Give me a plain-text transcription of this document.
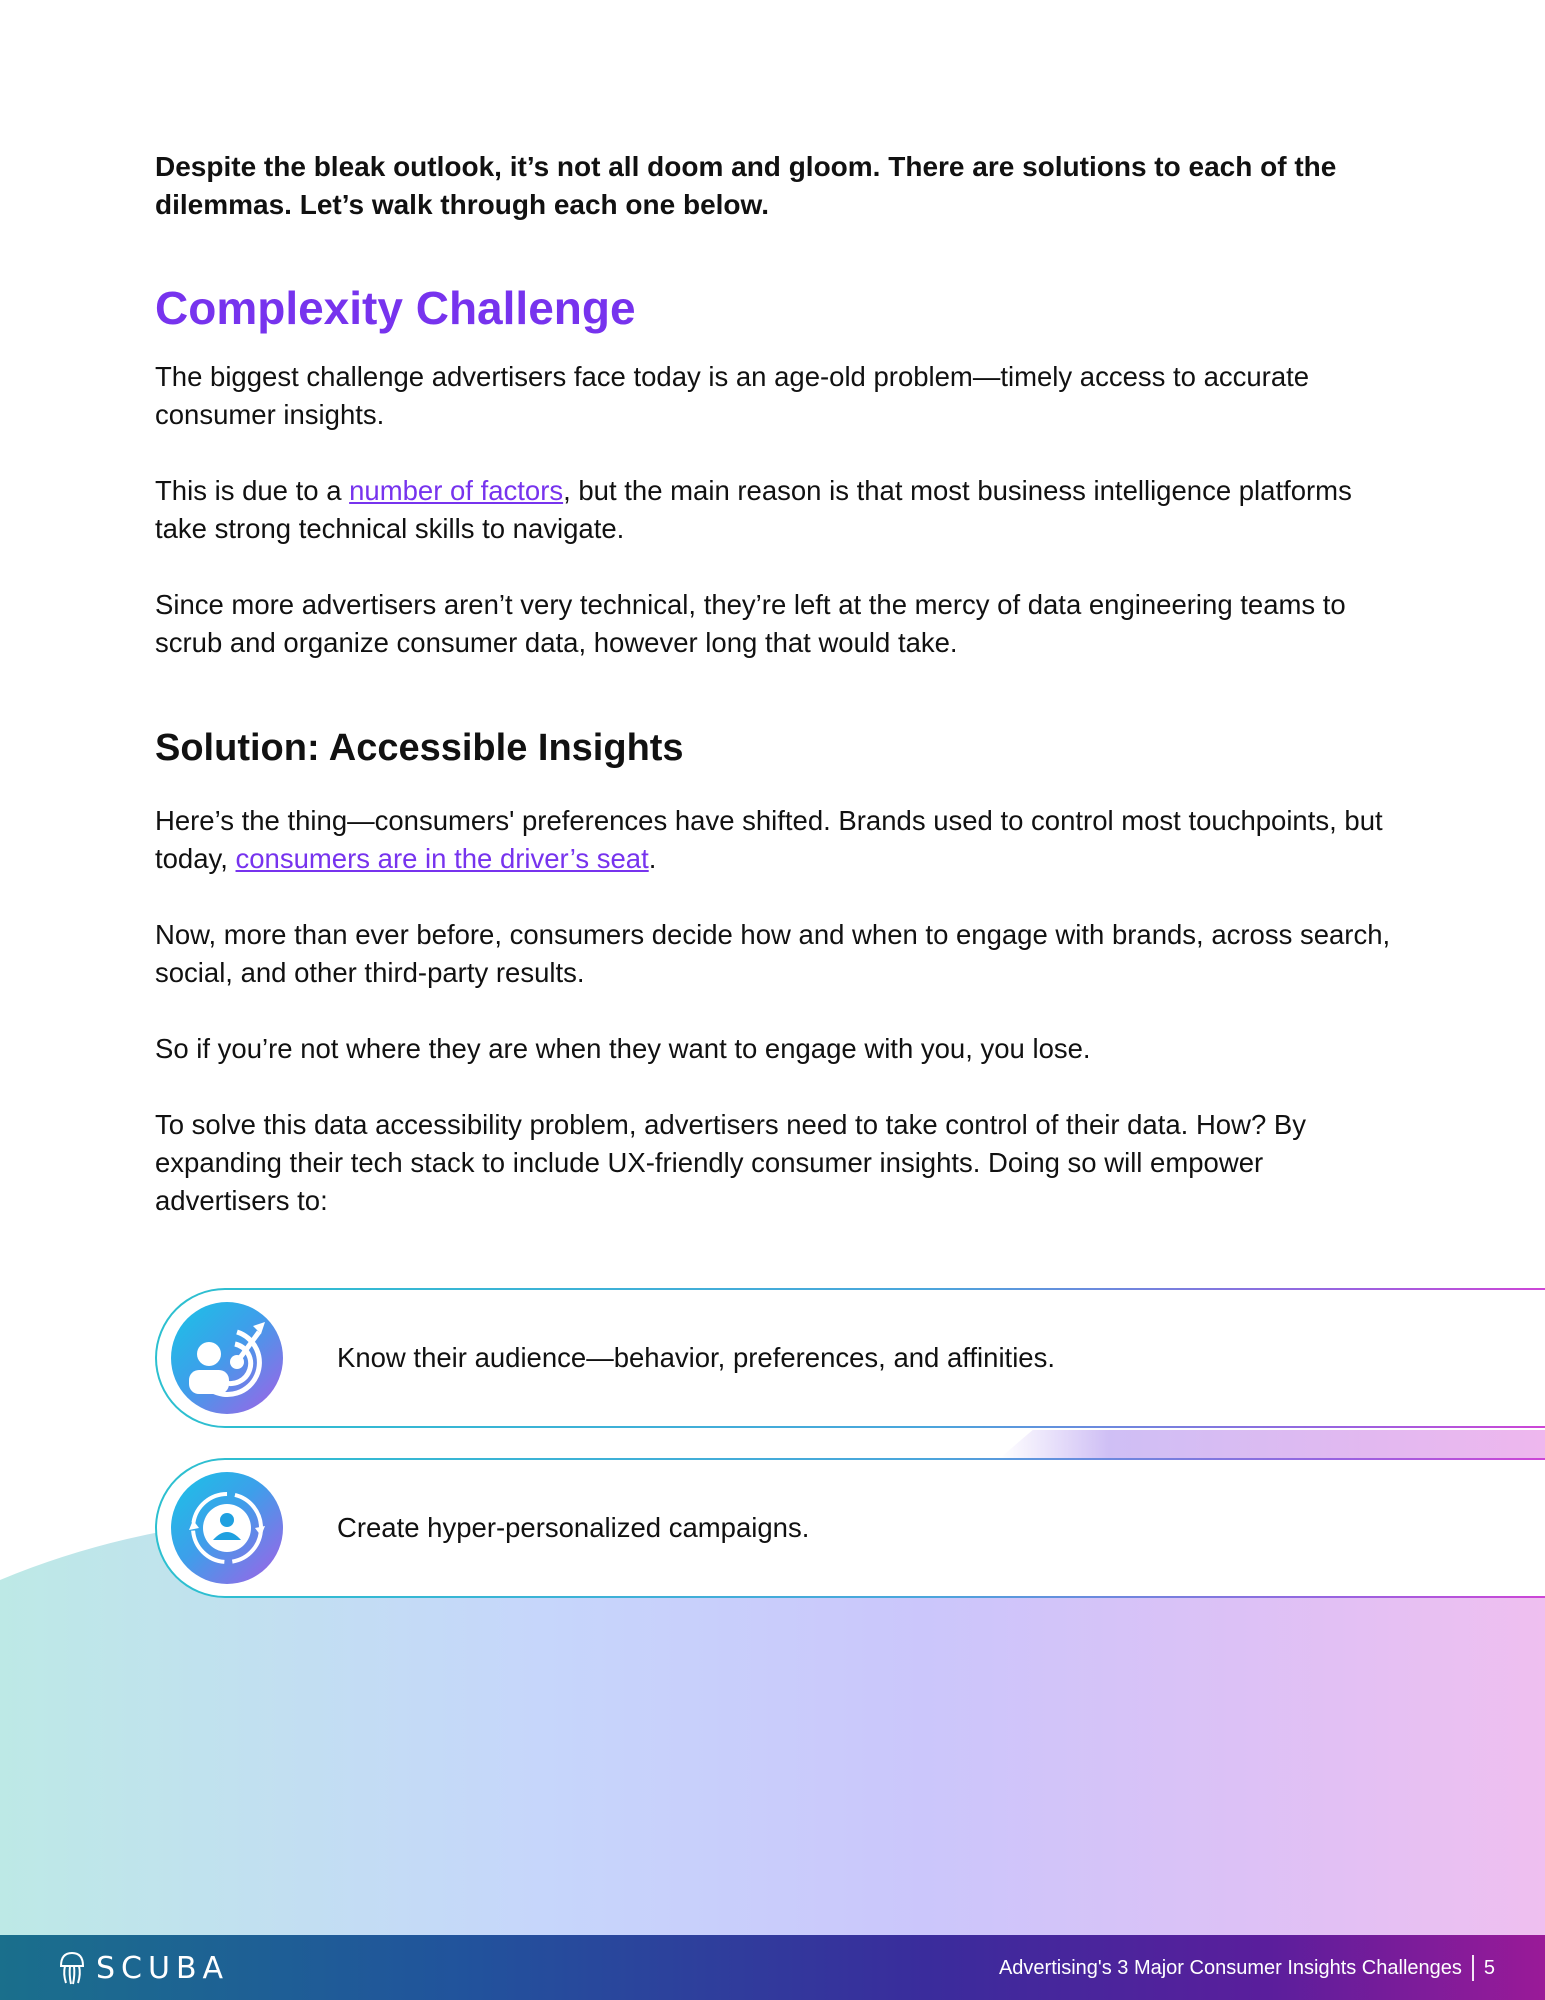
Despite the bleak outlook, it’s not all doom and gloom. There are solutions to each of the dilemmas. Let’s walk through each one below.

Complexity Challenge

The biggest challenge advertisers face today is an age-old problem—timely access to accurate consumer insights.

This is due to a number of factors, but the main reason is that most business intelligence platforms take strong technical skills to navigate.

Since more advertisers aren’t very technical, they’re left at the mercy of data engineering teams to scrub and organize consumer data, however long that would take.

Solution: Accessible Insights

Here’s the thing—consumers' preferences have shifted. Brands used to control most touchpoints, but today, consumers are in the driver’s seat.

Now, more than ever before, consumers decide how and when to engage with brands, across search, social, and other third-party results.

So if you’re not where they are when they want to engage with you, you lose.

To solve this data accessibility problem, advertisers need to take control of their data. How? By expanding their tech stack to include UX-friendly consumer insights. Doing so will empower advertisers to:

Know their audience—behavior, preferences, and affinities.
Create hyper-personalized campaigns.
SCUBA	Advertising's 3 Major Consumer Insights Challenges 5
